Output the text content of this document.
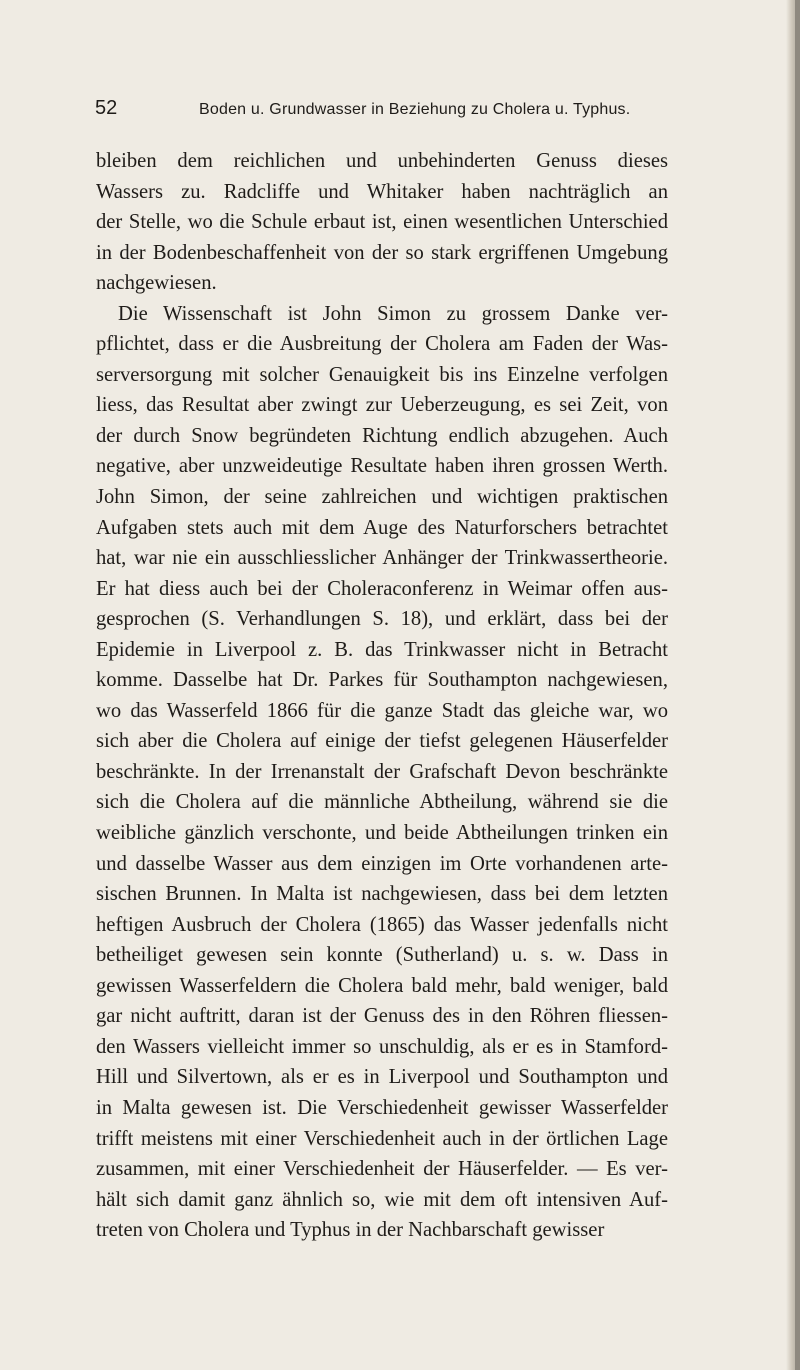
52	Boden u. Grundwasser in Beziehung zu Cholera u. Typhus.
bleiben dem reichlichen und unbehinderten Genuss dieses
Wassers zu. Radcliffe und Whitaker haben nachträglich an
der Stelle, wo die Schule erbaut ist, einen wesentlichen Unterschied
in der Bodenbeschaffenheit von der so stark ergriffenen Umgebung
nachgewiesen.
Die Wissenschaft ist John Simon zu grossem Danke ver-
pflichtet, dass er die Ausbreitung der Cholera am Faden der Was-
serversorgung mit solcher Genauigkeit bis ins Einzelne verfolgen
liess, das Resultat aber zwingt zur Ueberzeugung, es sei Zeit, von
der durch Snow begründeten Richtung endlich abzugehen. Auch
negative, aber unzweideutige Resultate haben ihren grossen Werth.
John Simon, der seine zahlreichen und wichtigen praktischen
Aufgaben stets auch mit dem Auge des Naturforschers betrachtet
hat, war nie ein ausschliesslicher Anhänger der Trinkwassertheorie.
Er hat diess auch bei der Choleraconferenz in Weimar offen aus-
gesprochen (S. Verhandlungen S. 18), und erklärt, dass bei der
Epidemie in Liverpool z. B. das Trinkwasser nicht in Betracht
komme. Dasselbe hat Dr. Parkes für Southampton nachgewiesen,
wo das Wasserfeld 1866 für die ganze Stadt das gleiche war, wo
sich aber die Cholera auf einige der tiefst gelegenen Häuserfelder
beschränkte. In der Irrenanstalt der Grafschaft Devon beschränkte
sich die Cholera auf die männliche Abtheilung, während sie die
weibliche gänzlich verschonte, und beide Abtheilungen trinken ein
und dasselbe Wasser aus dem einzigen im Orte vorhandenen arte-
sischen Brunnen. In Malta ist nachgewiesen, dass bei dem letzten
heftigen Ausbruch der Cholera (1865) das Wasser jedenfalls nicht
betheiliget gewesen sein konnte (Sutherland) u. s. w. Dass in
gewissen Wasserfeldern die Cholera bald mehr, bald weniger, bald
gar nicht auftritt, daran ist der Genuss des in den Röhren fliessen-
den Wassers vielleicht immer so unschuldig, als er es in Stamford-
Hill und Silvertown, als er es in Liverpool und Southampton und
in Malta gewesen ist. Die Verschiedenheit gewisser Wasserfelder
trifft meistens mit einer Verschiedenheit auch in der örtlichen Lage
zusammen, mit einer Verschiedenheit der Häuserfelder. — Es ver-
hält sich damit ganz ähnlich so, wie mit dem oft intensiven Auf-
treten von Cholera und Typhus in der Nachbarschaft gewisser
